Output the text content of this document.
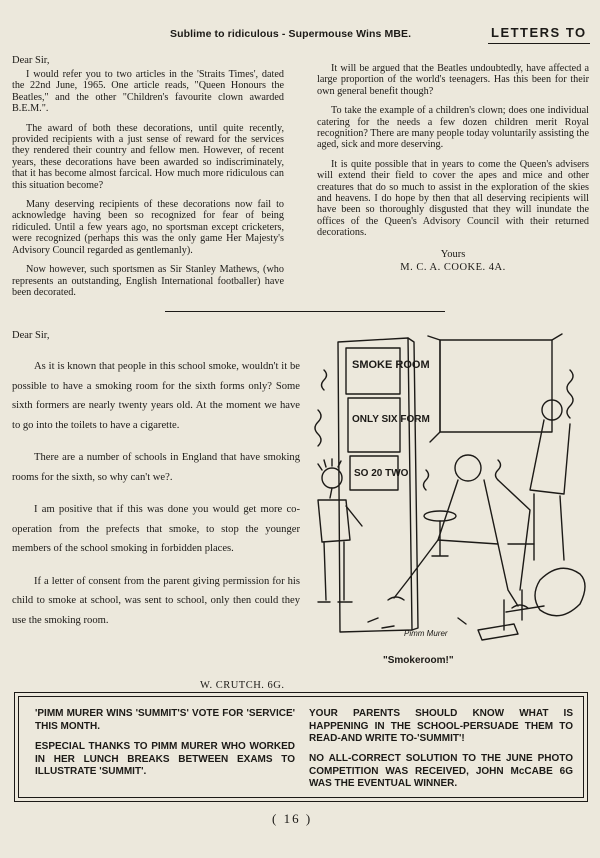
Sublime to ridiculous - Supermouse Wins MBE.	LETTERS TO

Dear Sir,

I would refer you to two articles in the 'Straits Times', dated the 22nd June, 1965. One article reads, "Queen Honours the Beatles," and the other "Children's favourite clown awarded B.E.M.".

The award of both these decorations, until quite recently, provided recipients with a just sense of reward for the services they rendered their country and fellow men. However, of recent years, these decorations have been awarded so indiscriminately, that it has become almost farcical. How much more ridiculous can this situation become?

Many deserving recipients of these decorations now fail to acknowledge having been so recognized for fear of being ridiculed. Until a few years ago, no sportsman except cricketers, were recognized (perhaps this was the only game Her Majesty's Advisory Council regarded as gentlemanly).

Now however, such sportsmen as Sir Stanley Mathews, (who represents an outstanding, English International footballer) have been decorated.

It will be argued that the Beatles undoubtedly, have affected a large proportion of the world's teenagers. Has this been for their own general benefit though?

To take the example of a children's clown; does one individual catering for the needs a few dozen children merit Royal recognition? There are many people today voluntarily assisting the aged, sick and more deserving.

It is quite possible that in years to come the Queen's advisers will extend their field to cover the apes and mice and other creatures that do so much to assist in the exploration of the skies and heavens. I do hope by then that all deserving recipients will have been so thoroughly disgusted that they will inundate the offices of the Queen's Advisory Council with their returned decorations.

Yours

M. C. A. COOKE. 4A.

Dear Sir,

As it is known that people in this school smoke, wouldn't it be possible to have a smoking room for the sixth forms only? Some sixth formers are nearly twenty years old. At the moment we have to go into the toilets to have a cigarette.

There are a number of schools in England that have smoking rooms for the sixth, so why can't we?.

I am positive that if this was done you would get more co-operation from the prefects that smoke, to stop the younger members of the school smoking in forbidden places.

If a letter of consent from the parent giving permission for his child to smoke at school, was sent to school, only then could they use the smoking room.

W. CRUTCH. 6G.
SMOKE ROOM
ONLY SIX FORM
SO 20 TWO
Pimm Murer
"Smokeroom!"

'PIMM MURER WINS 'SUMMIT'S' VOTE FOR 'SERVICE' THIS MONTH.

ESPECIAL THANKS TO PIMM MURER WHO WORKED IN HER LUNCH BREAKS BETWEEN EXAMS TO ILLUSTRATE 'SUMMIT'.

YOUR PARENTS SHOULD KNOW WHAT IS HAPPENING IN THE SCHOOL-PERSUADE THEM TO READ-AND WRITE TO-'SUMMIT'!

NO ALL-CORRECT SOLUTION TO THE JUNE PHOTO COMPETITION WAS RECEIVED, JOHN McCABE 6G WAS THE EVENTUAL WINNER.

( 16 )
